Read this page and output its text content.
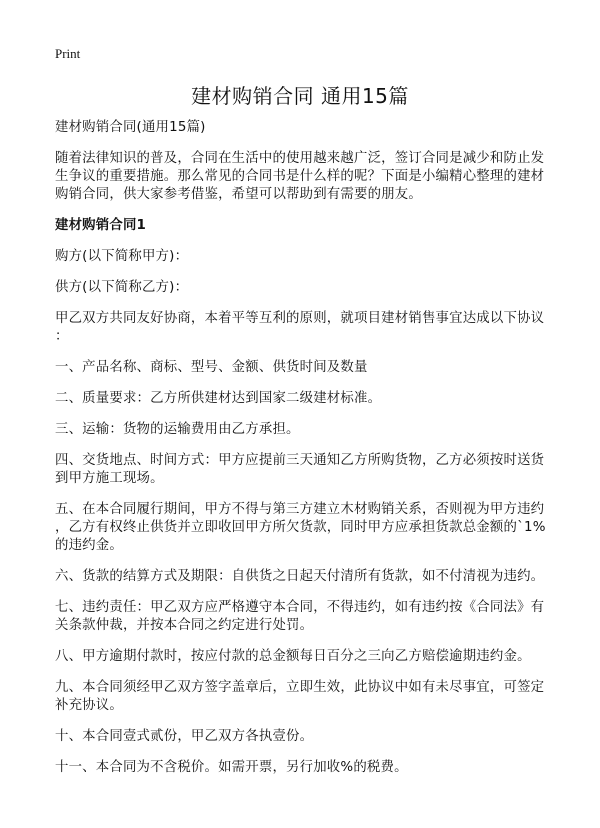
Print
建材购销合同 通用15篇

建材购销合同(通用15篇)

随着法律知识的普及，合同在生活中的使用越来越广泛，签订合同是减少和防止发
生争议的重要措施。那么常见的合同书是什么样的呢？下面是小编精心整理的建材
购销合同，供大家参考借鉴，希望可以帮助到有需要的朋友。

建材购销合同1

购方(以下简称甲方)：

供方(以下简称乙方)：

甲乙双方共同友好协商，本着平等互利的原则，就项目建材销售事宜达成以下协议
：

一、产品名称、商标、型号、金额、供货时间及数量

二、质量要求：乙方所供建材达到国家二级建材标准。

三、运输：货物的运输费用由乙方承担。

四、交货地点、时间方式：甲方应提前三天通知乙方所购货物，乙方必须按时送货
到甲方施工现场。

五、在本合同履行期间，甲方不得与第三方建立木材购销关系，否则视为甲方违约
，乙方有权终止供货并立即收回甲方所欠货款，同时甲方应承担货款总金额的`1%
的违约金。

六、货款的结算方式及期限：自供货之日起天付清所有货款，如不付清视为违约。

七、违约责任：甲乙双方应严格遵守本合同，不得违约，如有违约按《合同法》有
关条款仲裁，并按本合同之约定进行处罚。

八、甲方逾期付款时，按应付款的总金额每日百分之三向乙方赔偿逾期违约金。

九、本合同须经甲乙双方签字盖章后，立即生效，此协议中如有未尽事宜，可签定
补充协议。

十、本合同壹式贰份，甲乙双方各执壹份。

十一、本合同为不含税价。如需开票，另行加收%的税费。
